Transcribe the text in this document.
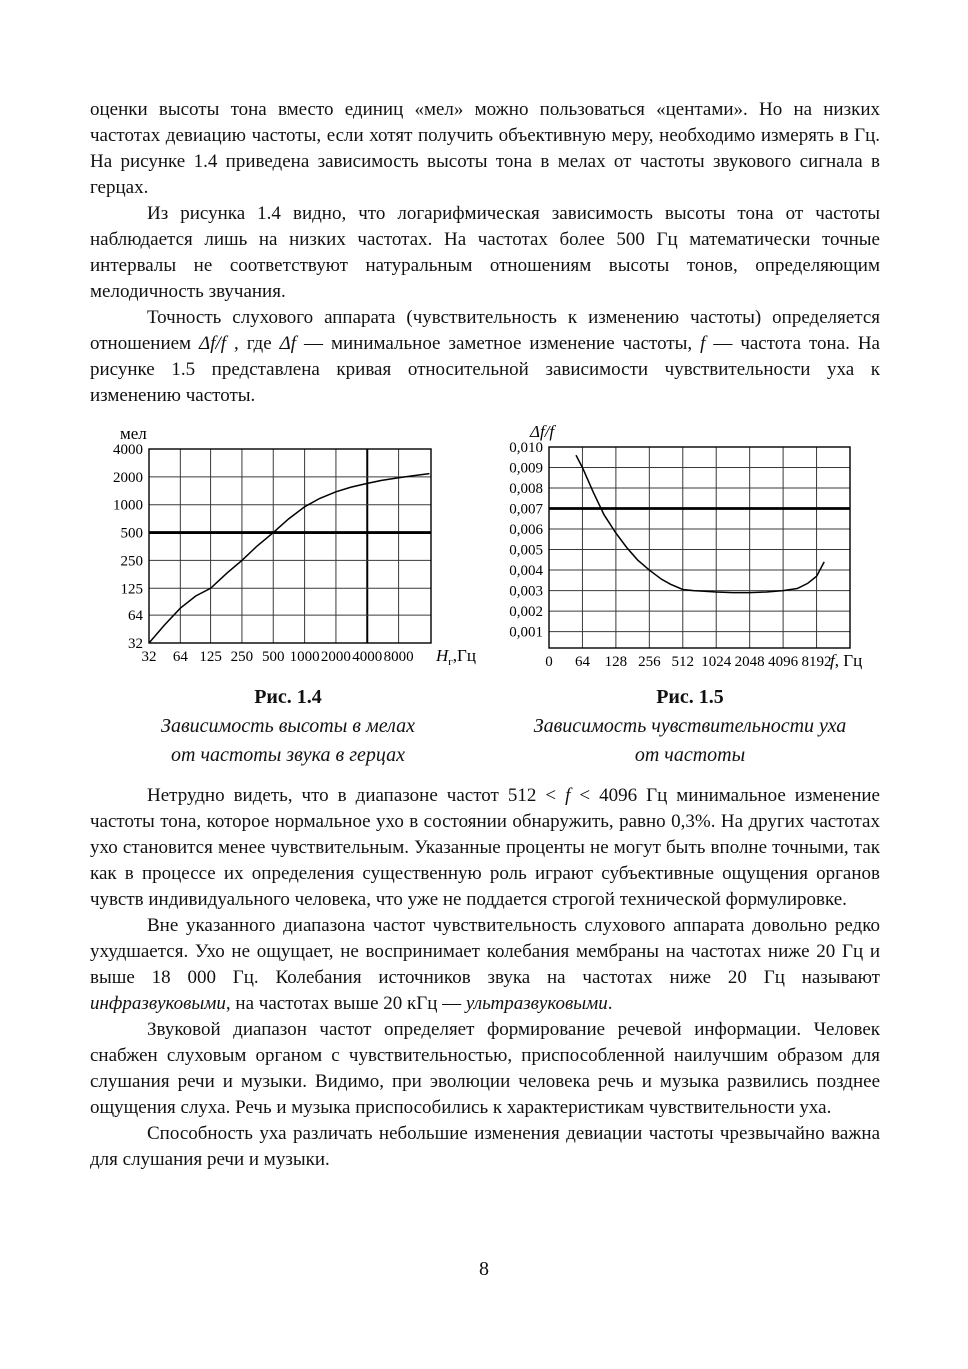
оценки высоты тона вместо единиц «мел» можно пользоваться «центами». Но на низких частотах девиацию частоты, если хотят получить объективную меру, необходимо измерять в Гц. На рисунке 1.4 приведена зависимость высоты тона в мелах от частоты звукового сигнала в герцах.

Из рисунка 1.4 видно, что логарифмическая зависимость высоты тона от частоты наблюдается лишь на низких частотах. На частотах более 500 Гц математически точные интервалы не соответствуют натуральным отношениям высоты тонов, определяющим мелодичность звучания.

Точность слухового аппарата (чувствительность к изменению частоты) определяется отношением Δf/f , где Δf — минимальное заметное изменение частоты, f — частота тона. На рисунке 1.5 представлена кривая относительной зависимости чувствительности уха к изменению частоты.

32 64 125 250 500 1000 2000 4000 8000
32
64
125
250
500
1000
2000
4000
мел
$H_г,Гц$
Рис. 1.4
Зависимость высоты в мелах
от частоты звука в герцах
0 64 128 256 512 1024 2048 4096 8192
0,001
0,002
0,003
0,004
0,005
0,006
0,007
0,008
0,009
0,010
Δf/f
f, Гц
Рис. 1.5
Зависимость чувствительности уха
от частоты

Нетрудно видеть, что в диапазоне частот 512 < f < 4096 Гц минимальное изменение частоты тона, которое нормальное ухо в состоянии обнаружить, равно 0,3%. На других частотах ухо становится менее чувствительным. Указанные проценты не могут быть вполне точными, так как в процессе их определения существенную роль играют субъективные ощущения органов чувств индивидуального человека, что уже не поддается строгой технической формулировке.

Вне указанного диапазона частот чувствительность слухового аппарата довольно редко ухудшается. Ухо не ощущает, не воспринимает колебания мембраны на частотах ниже 20 Гц и выше 18 000 Гц. Колебания источников звука на частотах ниже 20 Гц называют инфразвуковыми, на частотах выше 20 кГц — ультразвуковыми.

Звуковой диапазон частот определяет формирование речевой информации. Человек снабжен слуховым органом с чувствительностью, приспособленной наилучшим образом для слушания речи и музыки. Видимо, при эволюции человека речь и музыка развились позднее ощущения слуха. Речь и музыка приспособились к характеристикам чувствительности уха.

Способность уха различать небольшие изменения девиации частоты чрезвычайно важна для слушания речи и музыки.

8
